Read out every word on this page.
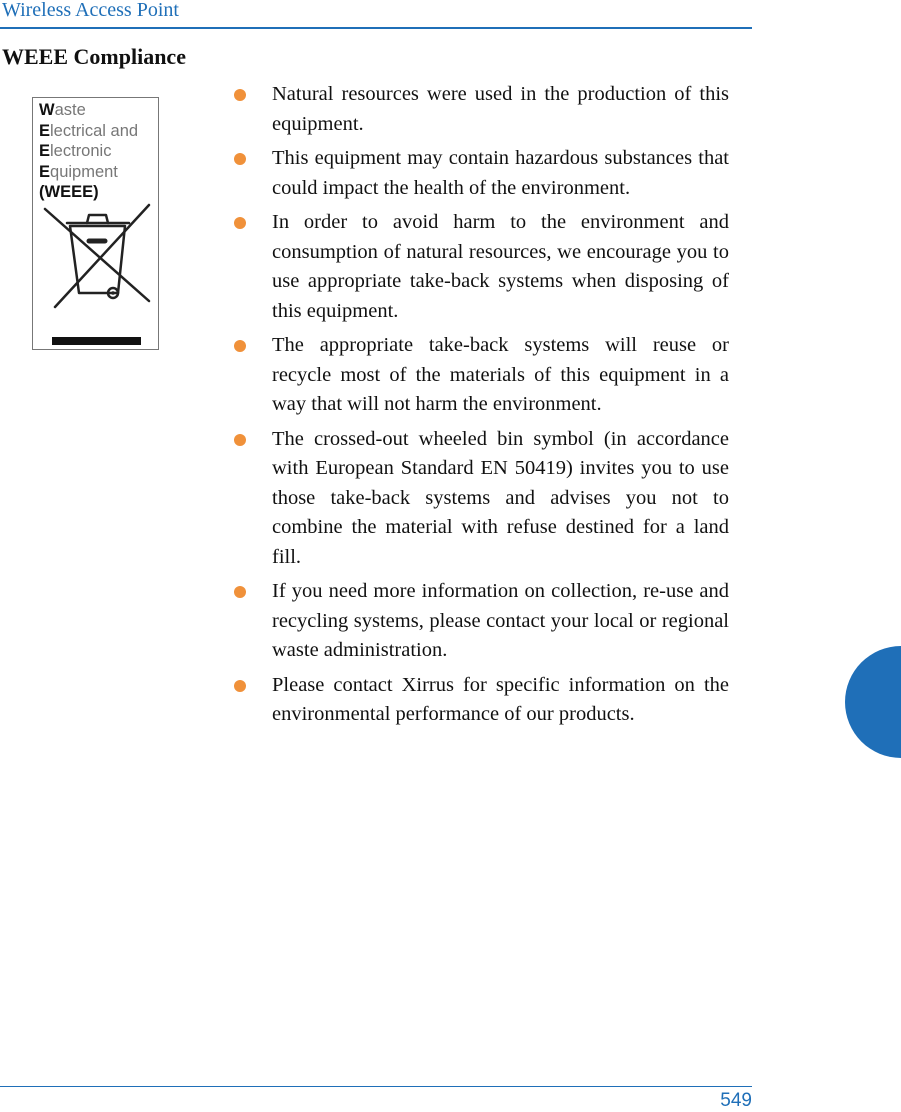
Wireless Access Point
WEEE Compliance
Waste
Electrical and
Electronic
Equipment
(WEEE)
Natural resources were used in the production of this equipment.
This equipment may contain hazardous substances that could impact the health of the environment.
In order to avoid harm to the environment and consumption of natural resources, we encourage you to use appropriate take-back systems when disposing of this equipment.
The appropriate take-back systems will reuse or recycle most of the materials of this equipment in a way that will not harm the environment.
The crossed-out wheeled bin symbol (in accordance with European Standard EN 50419) invites you to use those take-back systems and advises you not to combine the material with refuse destined for a land fill.
If you need more information on collection, re-use and recycling systems, please contact your local or regional waste administration.
Please contact Xirrus for specific information on the environmental performance of our products.
549
